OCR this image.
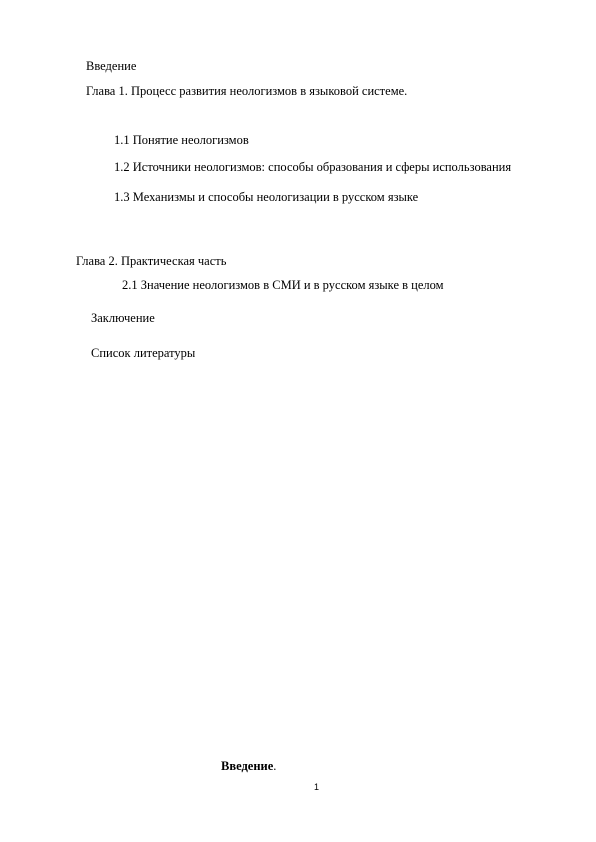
Введение
Глава 1. Процесс развития неологизмов в языковой системе.
1.1 Понятие неологизмов
1.2 Источники неологизмов: способы образования и сферы использования
1.3 Механизмы и способы неологизации в русском языке
Глава 2. Практическая часть
2.1 Значение неологизмов в СМИ и в русском языке в целом
Заключение
Список литературы
Введение.
1
